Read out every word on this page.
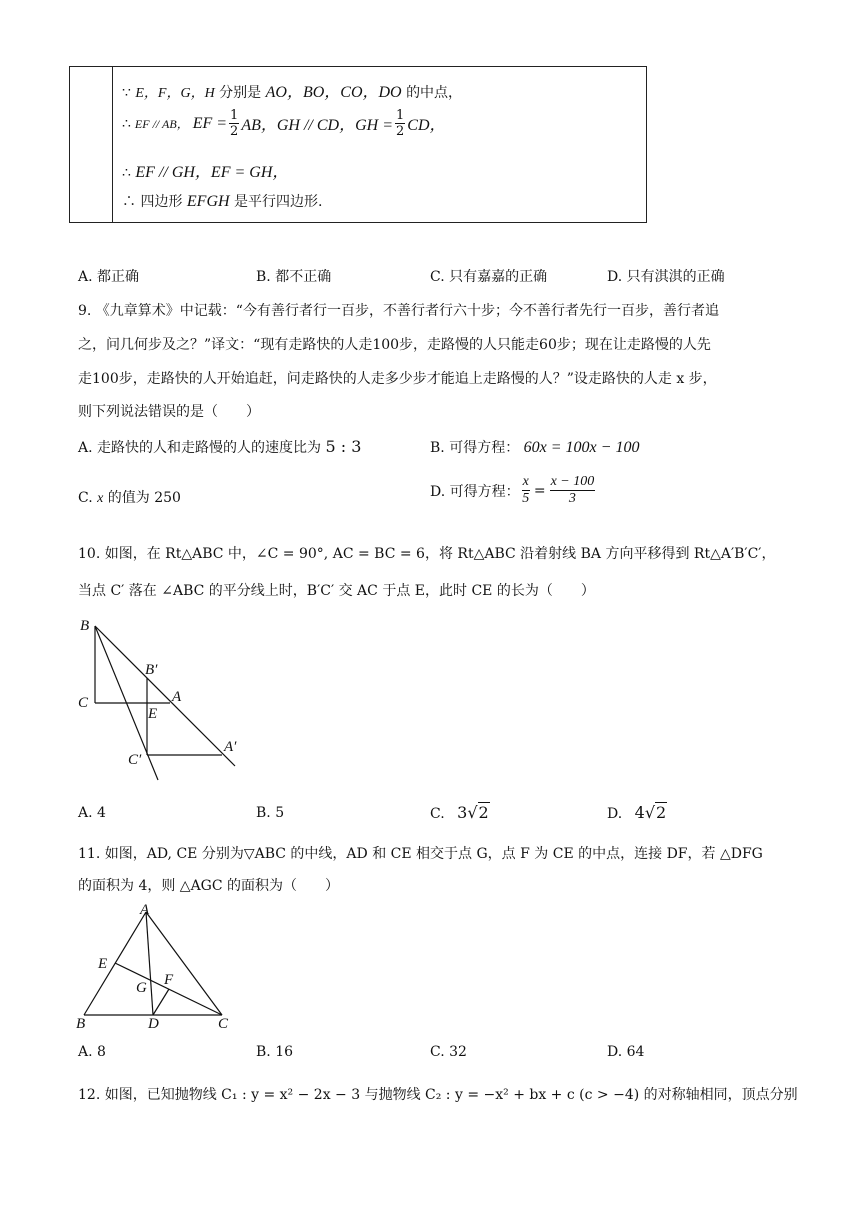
∵ E，F，G，H 分别是 AO，BO，CO，DO 的中点，
∴ EF // AB， EF = $\frac{1}{2}$ AB，GH // CD，GH = $\frac{1}{2}$ CD，
∴ EF // GH，EF = GH，
∴ 四边形 EFGH 是平行四边形.
A. 都正确	B. 都不正确	C. 只有嘉嘉的正确	D. 只有淇淇的正确
9. 《九章算术》中记载：“今有善行者行一百步，不善行者行六十步；今不善行者先行一百步，善行者追
之，问几何步及之？”译文：“现有走路快的人走100步，走路慢的人只能走60步；现在让走路慢的人先
走100步，走路快的人开始追赶，问走路快的人走多少步才能追上走路慢的人？”设走路快的人走 x 步，
则下列说法错误的是（　　）
A. 走路快的人和走路慢的人的速度比为 5 : 3	B. 可得方程： 60x = 100x − 100
C. x 的值为 250	D. 可得方程： $\frac{x}{5} = \frac{x - 100}{3}$
10. 如图，在 Rt△ABC 中，∠C = 90°, AC = BC = 6，将 Rt△ABC 沿着射线 BA 方向平移得到 Rt△A′B′C′，
当点 C′ 落在 ∠ABC 的平分线上时，B′C′ 交 AC 于点 E，此时 CE 的长为（　　）
B
B′
C	A
E
A′
C′
A. 4	B. 5	C. 3√2	D. 4√2
11. 如图，AD, CE 分别为▽ABC 的中线，AD 和 CE 相交于点 G，点 F 为 CE 的中点，连接 DF，若 △DFG
的面积为 4，则 △AGC 的面积为（　　）
A
E
F
G
B	D	C
A. 8	B. 16	C. 32	D. 64
12. 如图，已知抛物线 C₁ : y = x² − 2x − 3 与抛物线 C₂ : y = −x² + bx + c (c > −4) 的对称轴相同，顶点分别
